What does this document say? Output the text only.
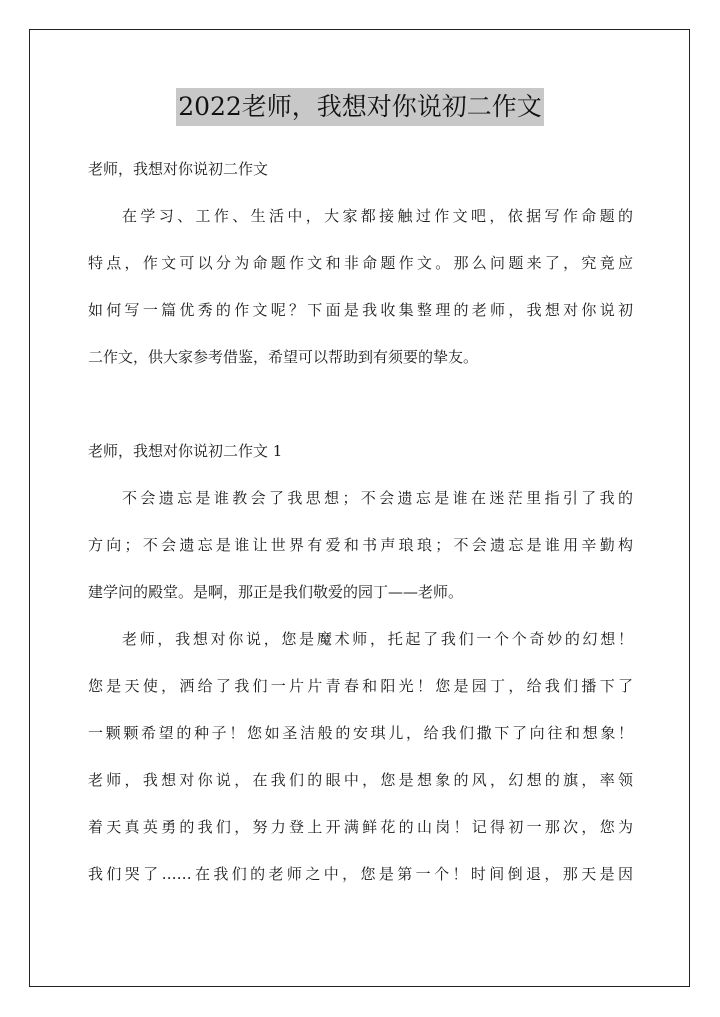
2022老师，我想对你说初二作文
老师，我想对你说初二作文
在学习、工作、生活中，大家都接触过作文吧，依据写作命题的
特点，作文可以分为命题作文和非命题作文。那么问题来了，究竟应
如何写一篇优秀的作文呢？下面是我收集整理的老师，我想对你说初
二作文，供大家参考借鉴，希望可以帮助到有须要的挚友。
老师，我想对你说初二作文 1
不会遗忘是谁教会了我思想；不会遗忘是谁在迷茫里指引了我的
方向；不会遗忘是谁让世界有爱和书声琅琅；不会遗忘是谁用辛勤构
建学问的殿堂。是啊，那正是我们敬爱的园丁——老师。
老师，我想对你说，您是魔术师，托起了我们一个个奇妙的幻想！
您是天使，洒给了我们一片片青春和阳光！您是园丁，给我们播下了
一颗颗希望的种子！您如圣洁般的安琪儿，给我们撒下了向往和想象！
老师，我想对你说，在我们的眼中，您是想象的风，幻想的旗，率领
着天真英勇的我们，努力登上开满鲜花的山岗！记得初一那次，您为
我们哭了……在我们的老师之中，您是第一个！时间倒退，那天是因
